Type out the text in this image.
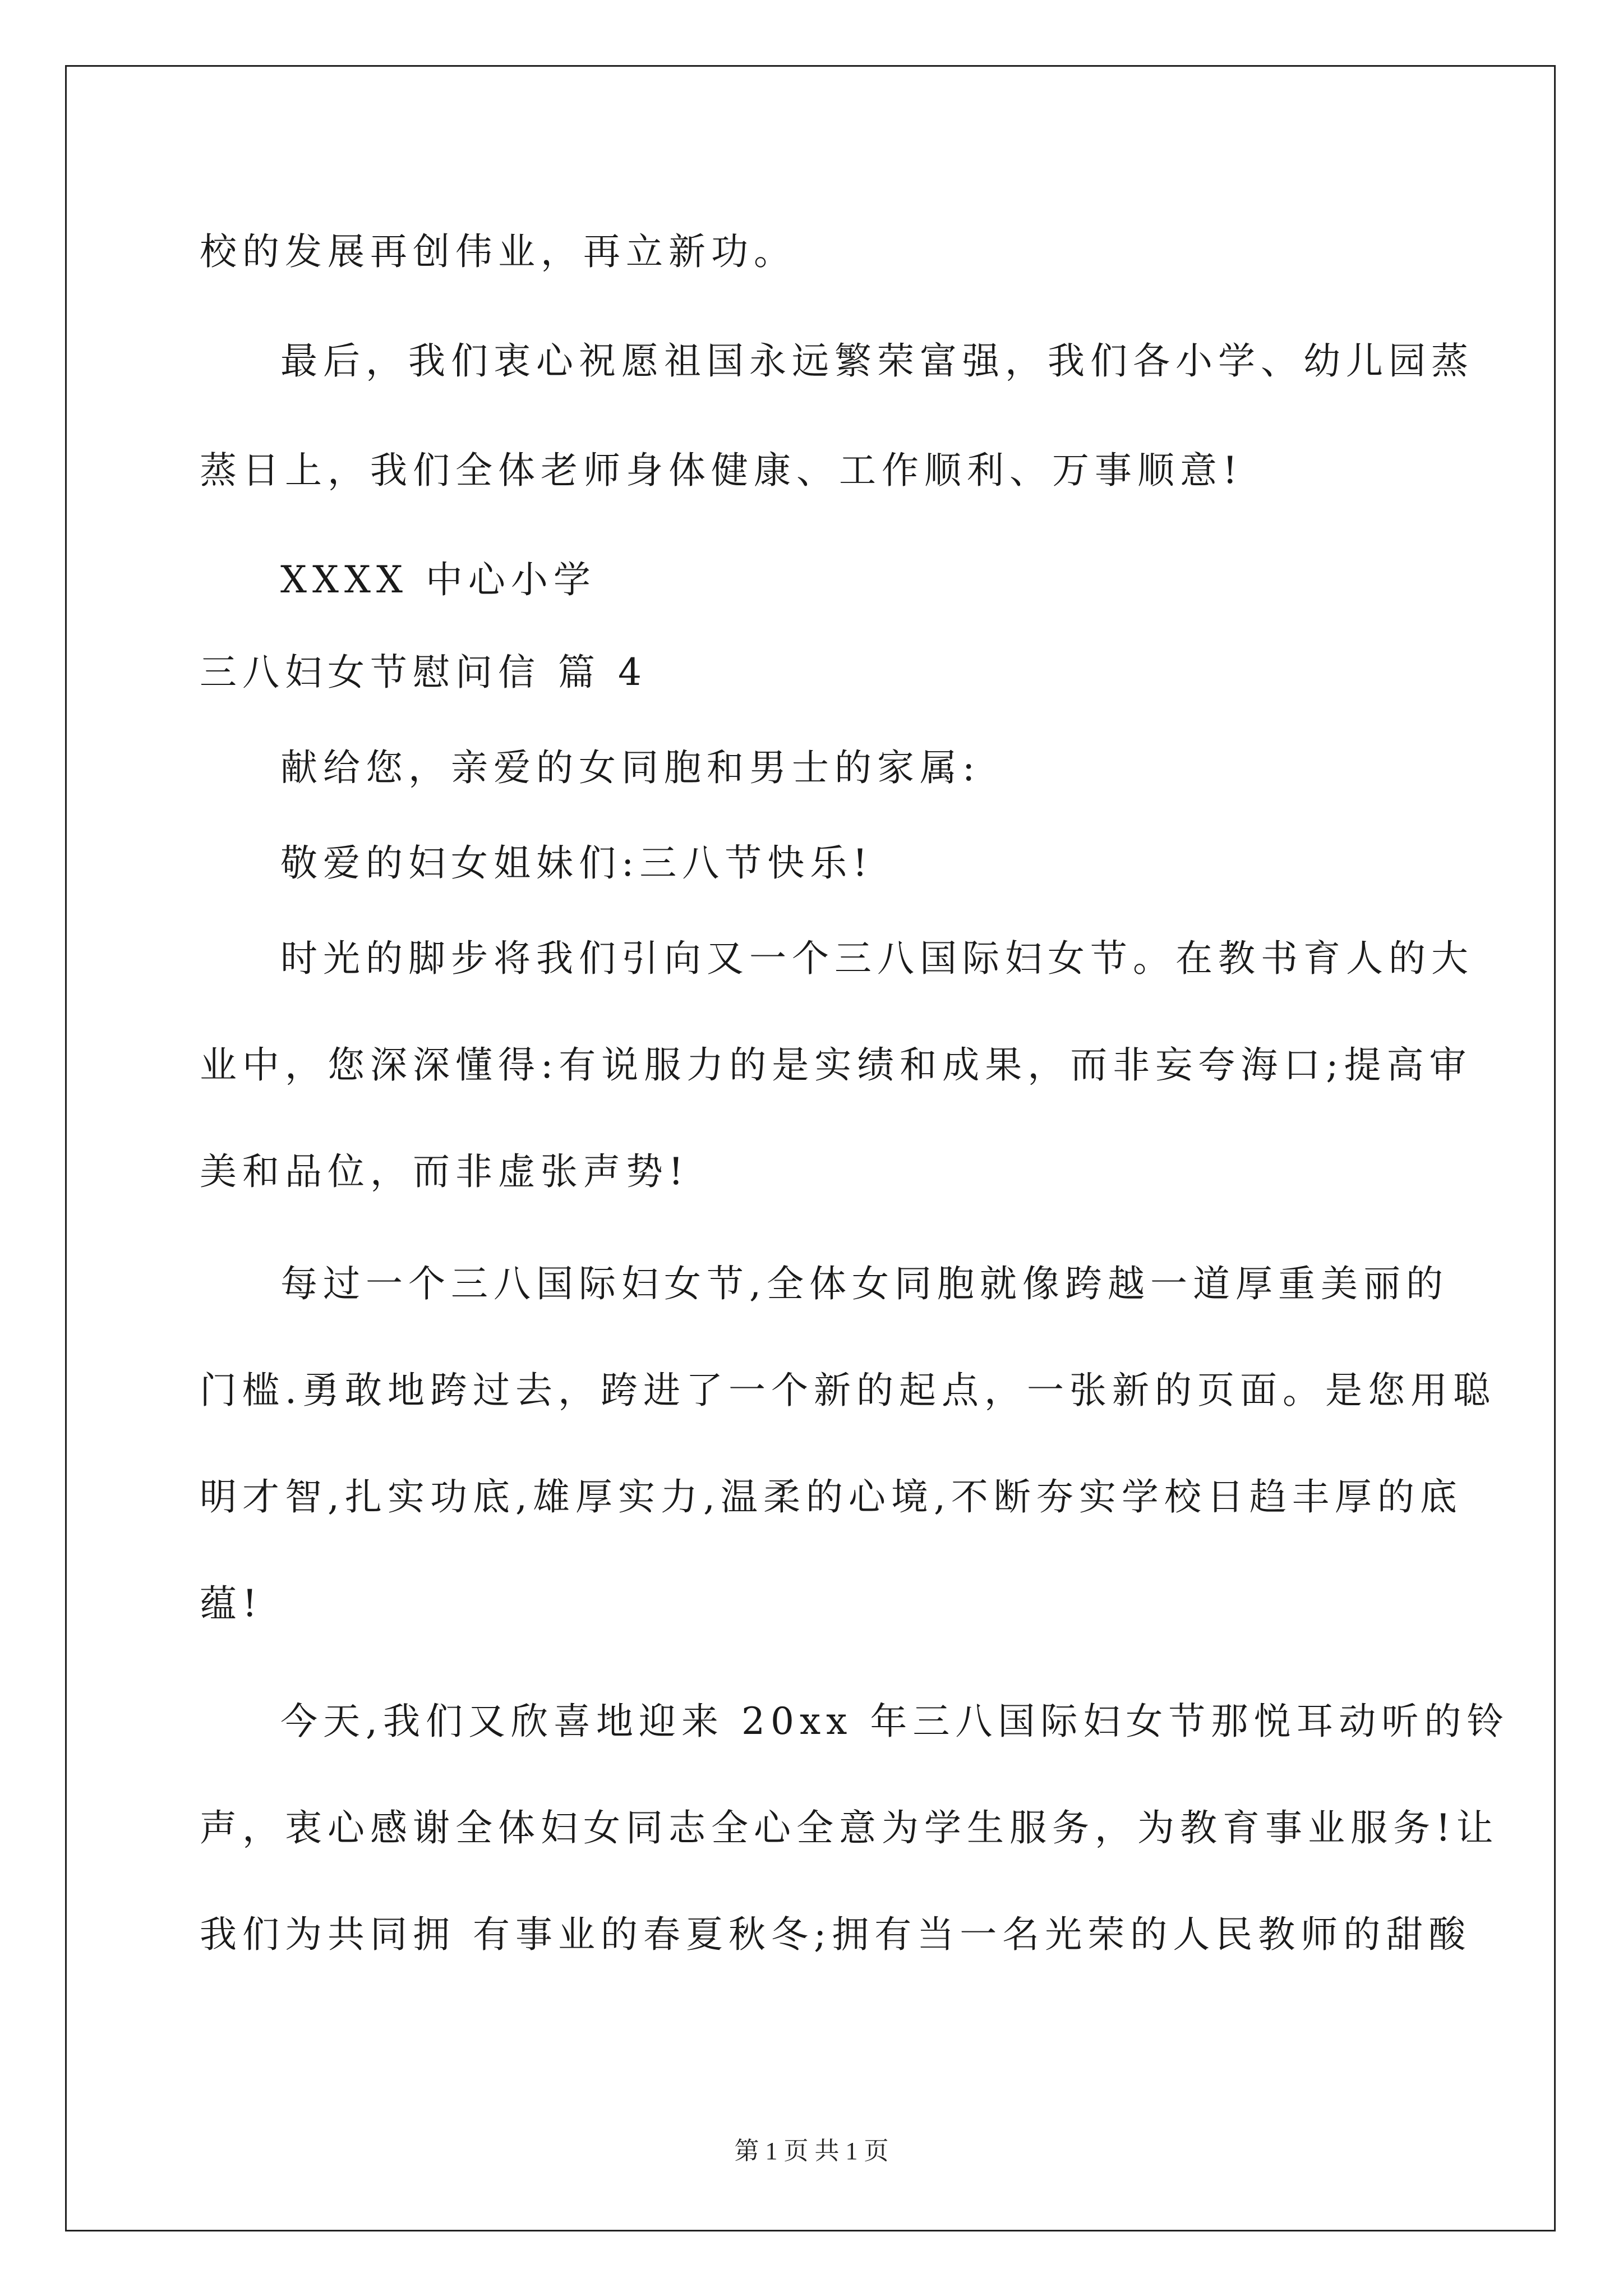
校的发展再创伟业，再立新功。
最后，我们衷心祝愿祖国永远繁荣富强，我们各小学、幼儿园蒸
蒸日上，我们全体老师身体健康、工作顺利、万事顺意!
XXXX 中心小学
三八妇女节慰问信 篇 4
献给您，亲爱的女同胞和男士的家属:
敬爱的妇女姐妹们:三八节快乐!
时光的脚步将我们引向又一个三八国际妇女节。在教书育人的大
业中，您深深懂得:有说服力的是实绩和成果，而非妄夸海口;提高审
美和品位，而非虚张声势!
每过一个三八国际妇女节,全体女同胞就像跨越一道厚重美丽的
门槛.勇敢地跨过去，跨进了一个新的起点，一张新的页面。是您用聪
明才智,扎实功底,雄厚实力,温柔的心境,不断夯实学校日趋丰厚的底
蕴!
今天,我们又欣喜地迎来 20xx 年三八国际妇女节那悦耳动听的铃
声，衷心感谢全体妇女同志全心全意为学生服务，为教育事业服务!让
我们为共同拥 有事业的春夏秋冬;拥有当一名光荣的人民教师的甜酸
第 1 页 共 1 页
